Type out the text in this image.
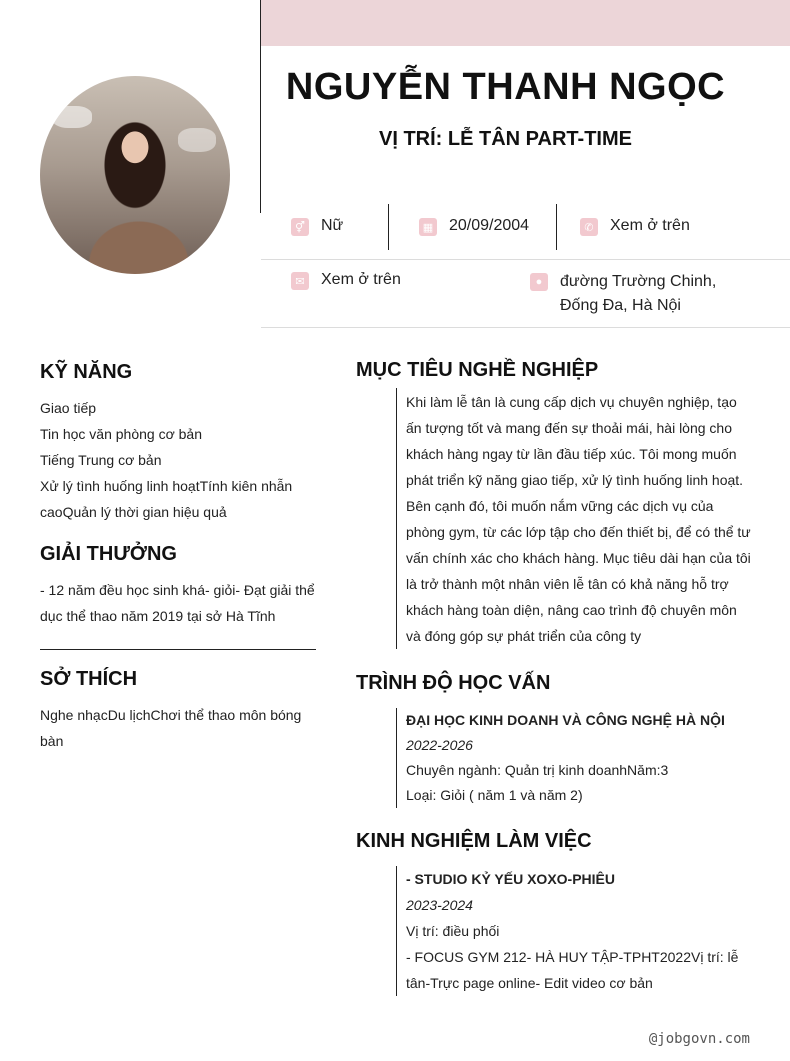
NGUYỄN THANH NGỌC
VỊ TRÍ: LỄ TÂN PART-TIME
⚥ Nữ	▦ 20/09/2004	✆ Xem ở trên
✉ Xem ở trên	●	đường Trường Chinh, Đống Đa, Hà Nội
KỸ NĂNG
Giao tiếp
Tin học văn phòng cơ bản
Tiếng Trung cơ bản
Xử lý tình huống linh hoạtTính kiên nhẫn caoQuản lý thời gian hiệu quả
GIẢI THƯỞNG
- 12 năm đều học sinh khá- giỏi- Đạt giải thể dục thể thao năm 2019 tại sở Hà Tĩnh
SỞ THÍCH
Nghe nhạcDu lịchChơi thể thao môn bóng bàn
MỤC TIÊU NGHỀ NGHIỆP
Khi làm lễ tân là cung cấp dịch vụ chuyên nghiệp, tạo ấn tượng tốt và mang đến sự thoải mái, hài lòng cho khách hàng ngay từ lần đầu tiếp xúc. Tôi mong muốn phát triển kỹ năng giao tiếp, xử lý tình huống linh hoạt. Bên cạnh đó, tôi muốn nắm vững các dịch vụ của phòng gym, từ các lớp tập cho đến thiết bị, để có thể tư vấn chính xác cho khách hàng. Mục tiêu dài hạn của tôi là trở thành một nhân viên lễ tân có khả năng hỗ trợ khách hàng toàn diện, nâng cao trình độ chuyên môn và đóng góp sự phát triển của công ty
TRÌNH ĐỘ HỌC VẤN
ĐẠI HỌC KINH DOANH VÀ CÔNG NGHỆ HÀ NỘI
2022-2026
Chuyên ngành: Quản trị kinh doanhNăm:3
Loại: Giỏi ( năm 1 và năm 2)
KINH NGHIỆM LÀM VIỆC
- STUDIO KỶ YẾU XOXO-PHIÊU
2023-2024
Vị trí: điều phối
- FOCUS GYM 212- HÀ HUY TẬP-TPHT2022Vị trí: lễ tân-Trực page online- Edit video cơ bản
@jobgovn.com
